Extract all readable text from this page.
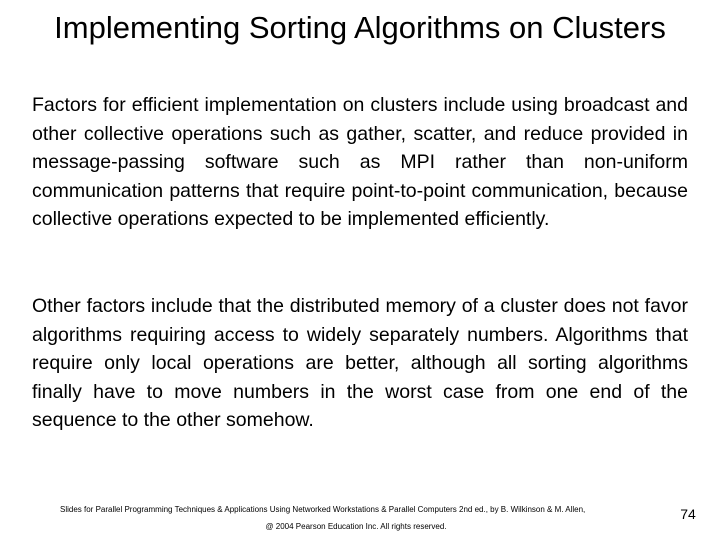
Implementing Sorting Algorithms on Clusters

Factors for efficient implementation on clusters include using broadcast and other collective operations such as gather, scatter, and reduce provided in message-passing software such as MPI rather than non-uniform communication patterns that require point-to-point communication, because collective operations expected to be implemented efficiently.

Other factors include that the distributed memory of a cluster does not favor algorithms requiring access to widely separately numbers. Algorithms that require only local operations are better, although all sorting algorithms finally have to move numbers in the worst case from one end of the sequence to the other somehow.

Slides for Parallel Programming Techniques & Applications Using Networked Workstations & Parallel Computers 2nd ed., by B. Wilkinson & M. Allen,
@ 2004 Pearson Education Inc. All rights reserved.
74
